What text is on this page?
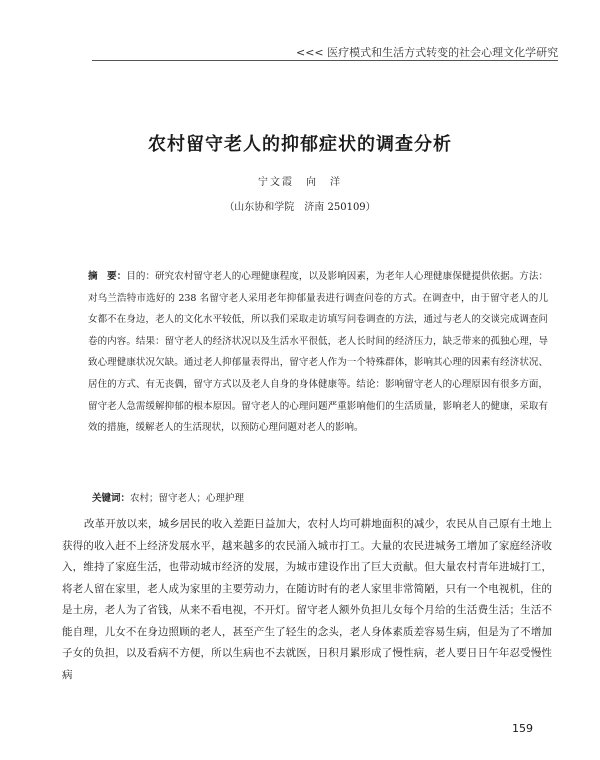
<<< 医疗模式和生活方式转变的社会心理文化学研究
农村留守老人的抑郁症状的调查分析
宁文霞　向　洋
（山东协和学院　济南 250109）
摘　要：目的：研究农村留守老人的心理健康程度，以及影响因素，为老年人心理健康保健提供依据。方法：对乌兰浩特市选好的 238 名留守老人采用老年抑郁量表进行调查问卷的方式。在调查中，由于留守老人的儿女都不在身边，老人的文化水平较低，所以我们采取走访填写问卷调查的方法，通过与老人的交谈完成调查问卷的内容。结果：留守老人的经济状况以及生活水平很低，老人长时间的经济压力，缺乏带来的孤独心理，导致心理健康状况欠缺。通过老人抑郁量表得出，留守老人作为一个特殊群体，影响其心理的因素有经济状况、居住的方式、有无丧偶，留守方式以及老人自身的身体健康等。结论：影响留守老人的心理原因有很多方面，留守老人急需缓解抑郁的根本原因。留守老人的心理问题严重影响他们的生活质量，影响老人的健康，采取有效的措施，缓解老人的生活现状，以预防心理问题对老人的影响。
关键词：农村；留守老人；心理护理

改革开放以来，城乡居民的收入差距日益加大，农村人均可耕地面积的减少，农民从自己原有土地上获得的收入赶不上经济发展水平，越来越多的农民涌入城市打工。大量的农民进城务工增加了家庭经济收入，维持了家庭生活，也带动城市经济的发展，为城市建设作出了巨大贡献。但大量农村青年进城打工，将老人留在家里，老人成为家里的主要劳动力，在随访时有的老人家里非常简陋，只有一个电视机，住的是土房，老人为了省钱，从来不看电视，不开灯。留守老人额外负担儿女每个月给的生活费生活；生活不能自理，儿女不在身边照顾的老人，甚至产生了轻生的念头，老人身体素质差容易生病，但是为了不增加子女的负担，以及看病不方便，所以生病也不去就医，日积月累形成了慢性病，老人要日日午年忍受慢性病

159
